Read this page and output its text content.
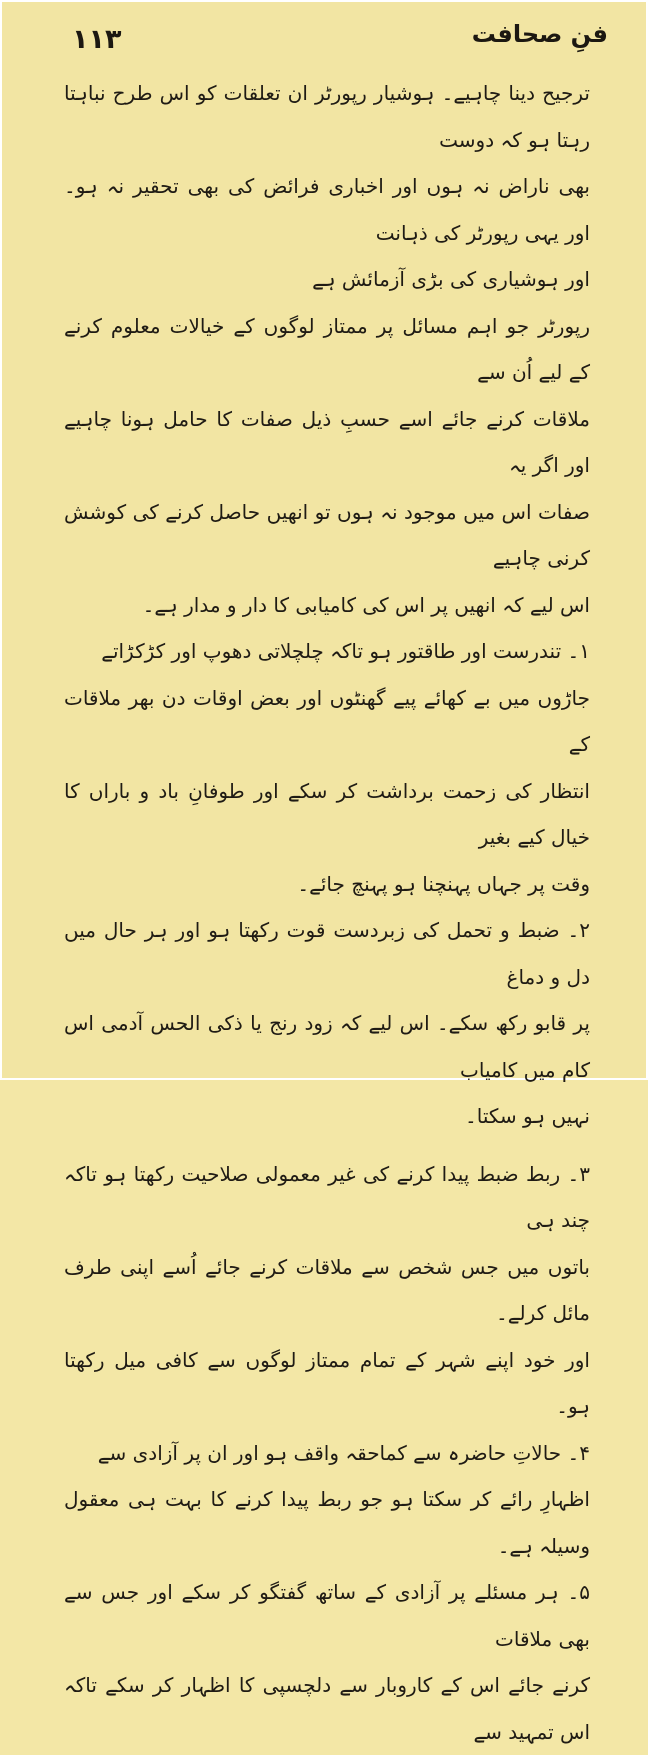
۱۱۳	فنِ صحافت

ترجیح دینا چاہیے۔ ہوشیار رپورٹر ان تعلقات کو اس طرح نباہتا رہتا ہو کہ دوست

بھی ناراض نہ ہوں اور اخباری فرائض کی بھی تحقیر نہ ہو۔ اور یہی رپورٹر کی ذہانت

اور ہوشیاری کی بڑی آزمائش ہے

رپورٹر جو اہم مسائل پر ممتاز لوگوں کے خیالات معلوم کرنے کے لیے اُن سے

ملاقات کرنے جائے اسے حسبِ ذیل صفات کا حامل ہونا چاہیے اور اگر یہ

صفات اس میں موجود نہ ہوں تو انھیں حاصل کرنے کی کوشش کرنی چاہیے

اس لیے کہ انھیں پر اس کی کامیابی کا دار و مدار ہے۔

۱۔ تندرست اور طاقتور ہو تاکہ چلچلاتی دھوپ اور کڑکڑاتے

جاڑوں میں بے کھائے پیے گھنٹوں اور بعض اوقات دن بھر ملاقات کے

انتظار کی زحمت برداشت کر سکے اور طوفانِ باد و باراں کا خیال کیے بغیر

وقت پر جہاں پہنچنا ہو پہنچ جائے۔

۲۔ ضبط و تحمل کی زبردست قوت رکھتا ہو اور ہر حال میں دل و دماغ

پر قابو رکھ سکے۔ اس لیے کہ زود رنج یا ذکی الحس آدمی اس کام میں کامیاب

نہیں ہو سکتا۔

۳۔ ربط ضبط پیدا کرنے کی غیر معمولی صلاحیت رکھتا ہو تاکہ چند ہی

باتوں میں جس شخص سے ملاقات کرنے جائے اُسے اپنی طرف مائل کرلے۔

اور خود اپنے شہر کے تمام ممتاز لوگوں سے کافی میل رکھتا ہو۔

۴۔ حالاتِ حاضرہ سے کماحقہ واقف ہو اور ان پر آزادی سے

اظہارِ رائے کر سکتا ہو جو ربط پیدا کرنے کا بہت ہی معقول وسیلہ ہے۔

۵۔ ہر مسئلے پر آزادی کے ساتھ گفتگو کر سکے اور جس سے بھی ملاقات

کرنے جائے اس کے کاروبار سے دلچسپی کا اظہار کر سکے تاکہ اس تمہید سے
